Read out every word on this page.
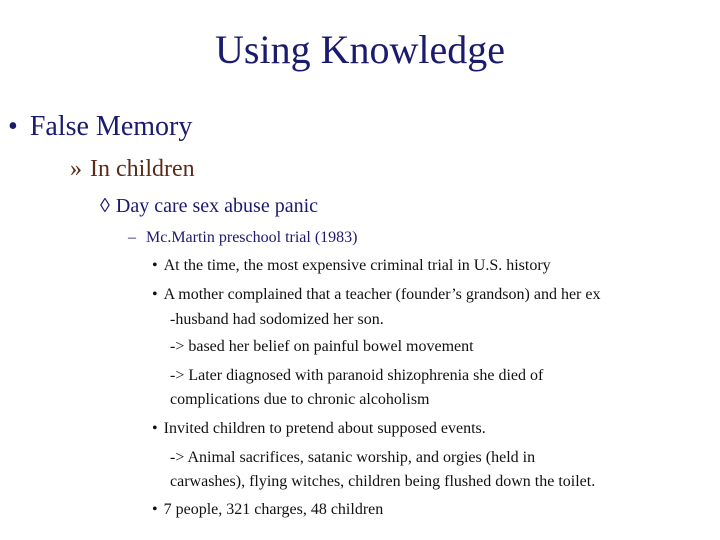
Using Knowledge
• False Memory
» In children
◊ Day care sex abuse panic
– Mc.Martin preschool trial (1983)
• At the time, the most expensive criminal trial in U.S. history
• A mother complained that a teacher (founder’s grandson) and her ex
-husband had sodomized her son.
-> based her belief on painful bowel movement
-> Later diagnosed with paranoid shizophrenia she died of
complications due to chronic alcoholism
• Invited children to pretend about supposed events.
-> Animal sacrifices, satanic worship, and orgies (held in
carwashes), flying witches, children being flushed down the toilet.
• 7 people, 321 charges, 48 children
